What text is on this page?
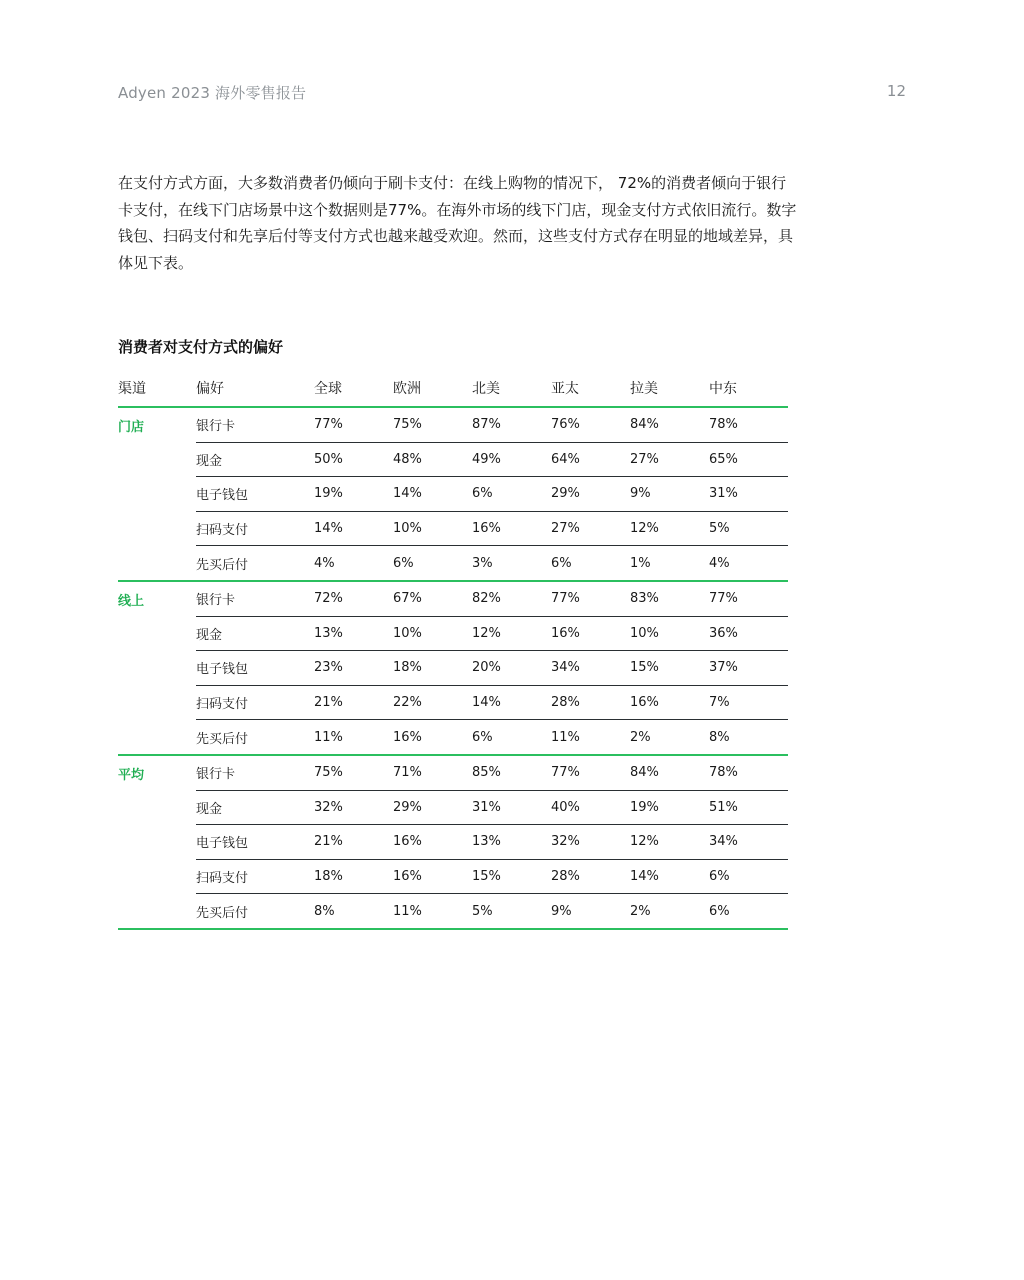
Adyen 2023 海外零售报告	12

在支付方式方面，大多数消费者仍倾向于刷卡支付：在线上购物的情况下， 72%的消费者倾向于银行卡支付，在线下门店场景中这个数据则是77%。在海外市场的线下门店，现金支付方式依旧流行。数字钱包、扫码支付和先享后付等支付方式也越来越受欢迎。然而，这些支付方式存在明显的地域差异，具体见下表。

消费者对支付方式的偏好
渠道	偏好	全球	欧洲	北美	亚太	拉美	中东
门店	银行卡	77%	75%	87%	76%	84%	78%
	现金	50%	48%	49%	64%	27%	65%
	电子钱包	19%	14%	6%	29%	9%	31%
	扫码支付	14%	10%	16%	27%	12%	5%
	先买后付	4%	6%	3%	6%	1%	4%
线上	银行卡	72%	67%	82%	77%	83%	77%
	现金	13%	10%	12%	16%	10%	36%
	电子钱包	23%	18%	20%	34%	15%	37%
	扫码支付	21%	22%	14%	28%	16%	7%
	先买后付	11%	16%	6%	11%	2%	8%
平均	银行卡	75%	71%	85%	77%	84%	78%
	现金	32%	29%	31%	40%	19%	51%
	电子钱包	21%	16%	13%	32%	12%	34%
	扫码支付	18%	16%	15%	28%	14%	6%
	先买后付	8%	11%	5%	9%	2%	6%
